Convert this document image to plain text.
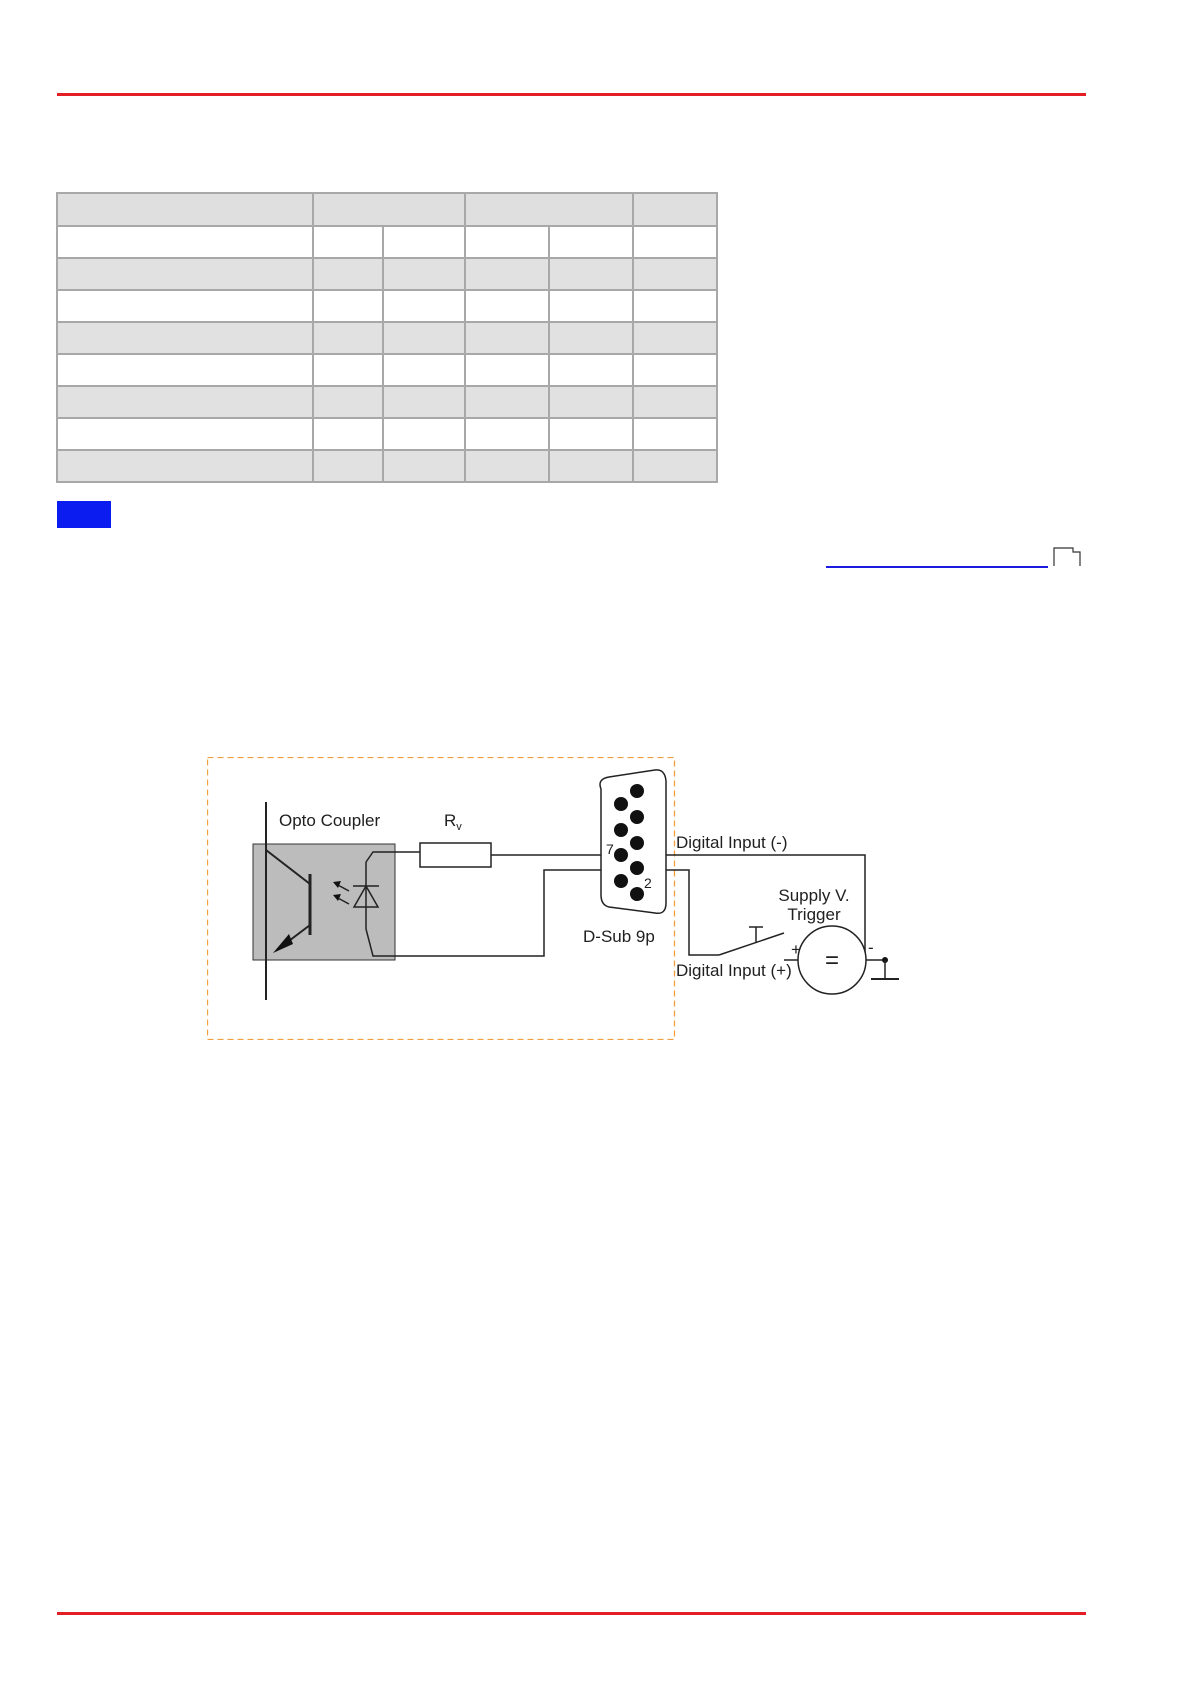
Opto Coupler	$R_v$
7
2
D-Sub 9p
Digital Input (-)
Digital Input (+)
Supply V.
Trigger
+	-
=
